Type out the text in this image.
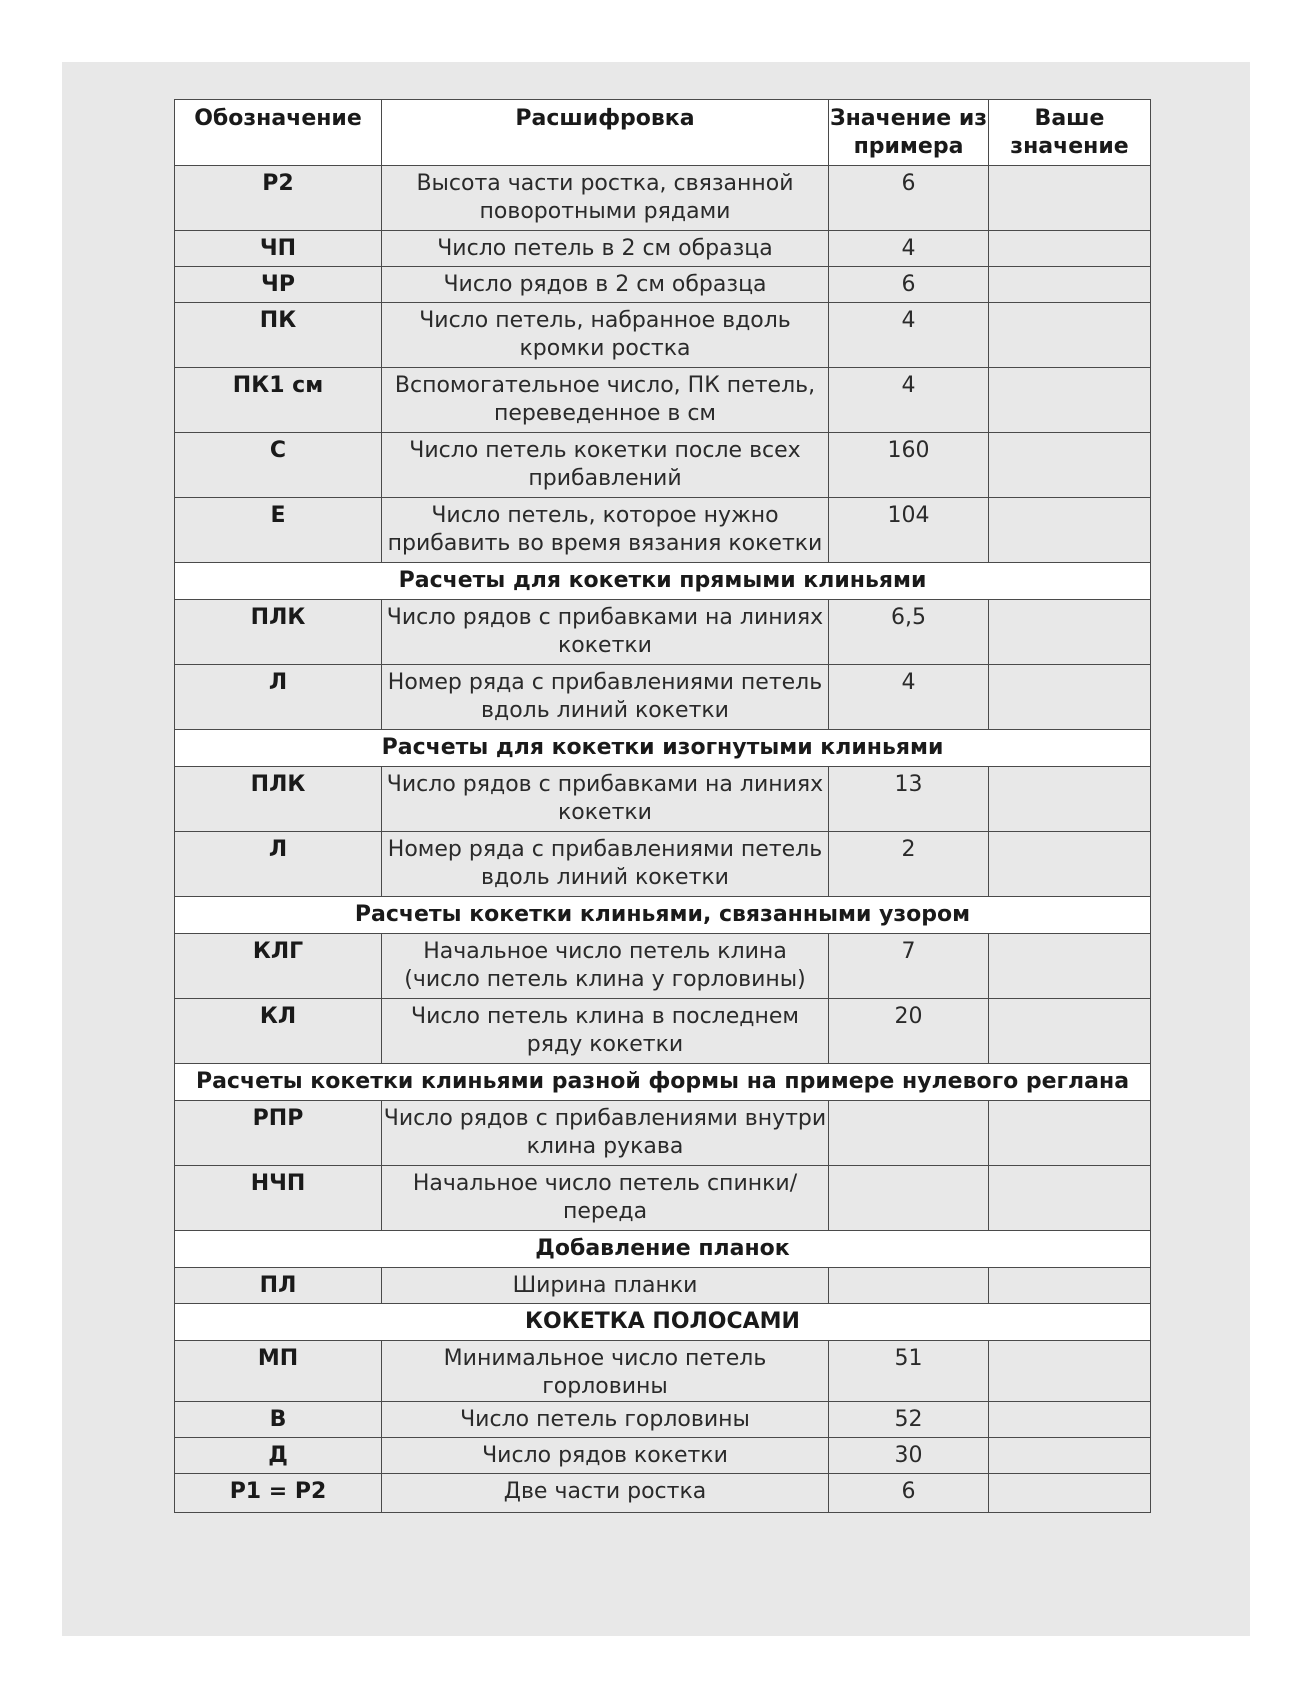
Обозначение	Расшифровка	Значение из примера	Ваше значение
Р2	Высота части ростка, связанной поворотными рядами	6	
ЧП	Число петель в 2 см образца	4	
ЧР	Число рядов в 2 см образца	6	
ПК	Число петель, набранное вдоль кромки ростка	4	
ПК1 см	Вспомогательное число, ПК петель, переведенное в см	4	
С	Число петель кокетки после всех прибавлений	160	
Е	Число петель, которое нужно прибавить во время вязания кокетки	104	
Расчеты для кокетки прямыми клиньями			
ПЛК	Число рядов с прибавками на линиях кокетки	6,5	
Л	Номер ряда с прибавлениями петель вдоль линий кокетки	4	
Расчеты для кокетки изогнутыми клиньями			
ПЛК	Число рядов с прибавками на линиях кокетки	13	
Л	Номер ряда с прибавлениями петель вдоль линий кокетки	2	
Расчеты кокетки клиньями, связанными узором			
КЛГ	Начальное число петель клина (число петель клина у горловины)	7	
КЛ	Число петель клина в последнем ряду кокетки	20	
Расчеты кокетки клиньями разной формы на примере нулевого реглана			
РПР	Число рядов с прибавлениями внутри клина рукава		
НЧП	Начальное число петель спинки/ переда		
Добавление планок			
ПЛ	Ширина планки		
КОКЕТКА ПОЛОСАМИ			
МП	Минимальное число петель горловины	51	
В	Число петель горловины	52	
Д	Число рядов кокетки	30	
Р1 = Р2	Две части ростка	6	
